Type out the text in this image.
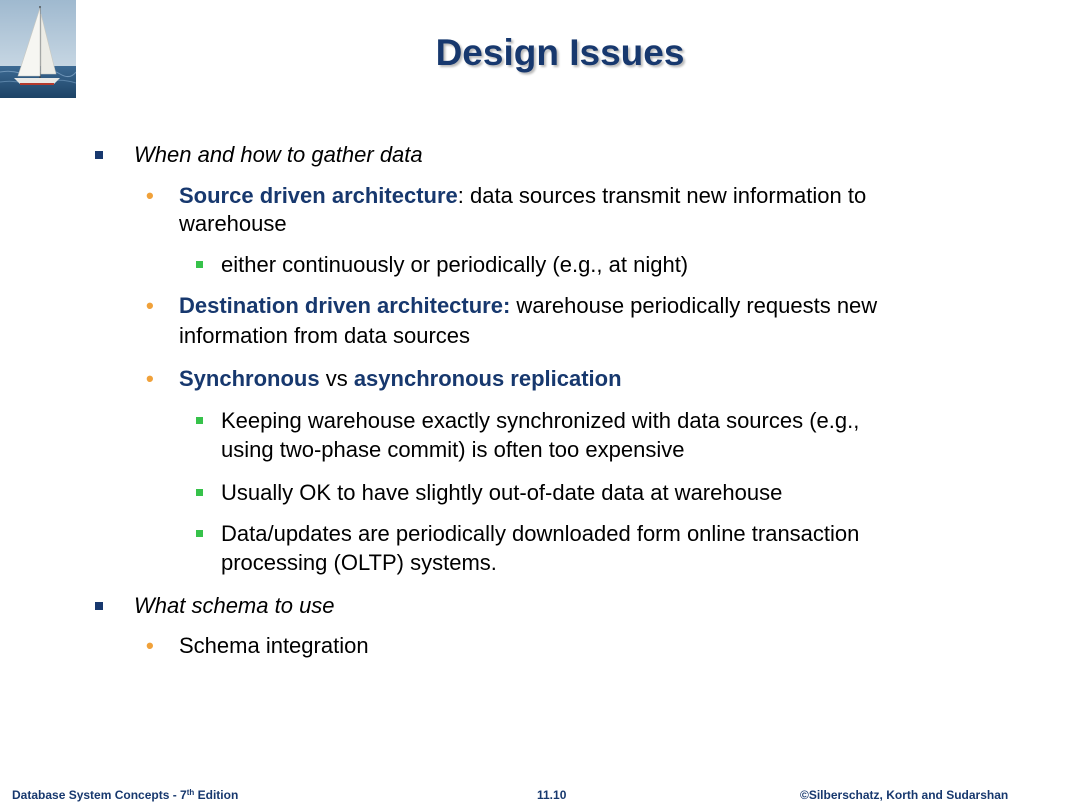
Design Issues
When and how to gather data
• Source driven architecture: data sources transmit new information to
warehouse
either continuously or periodically (e.g., at night)
• Destination driven architecture: warehouse periodically requests new
information from data sources
• Synchronous vs asynchronous replication
Keeping warehouse exactly synchronized with data sources (e.g.,
using two-phase commit) is often too expensive
Usually OK to have slightly out-of-date data at warehouse
Data/updates are periodically downloaded form online transaction
processing (OLTP) systems.
What schema to use
• Schema integration
Database System Concepts - 7th Edition	11.10	©Silberschatz, Korth and Sudarshan
